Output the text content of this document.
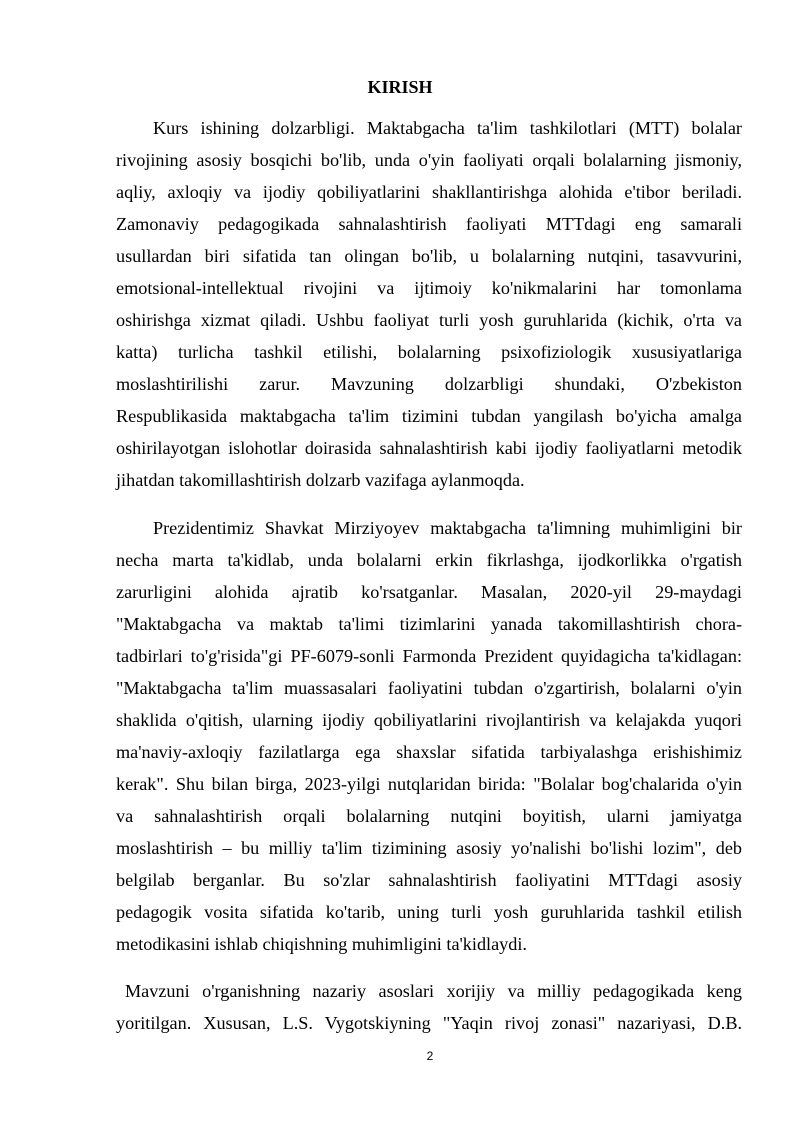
KIRISH

Kurs ishining dolzarbligi. Maktabgacha ta'lim tashkilotlari (MTT) bolalar

rivojining asosiy bosqichi bo'lib, unda o'yin faoliyati orqali bolalarning jismoniy,

aqliy, axloqiy va ijodiy qobiliyatlarini shakllantirishga alohida e'tibor beriladi.

Zamonaviy pedagogikada sahnalashtirish faoliyati MTTdagi eng samarali

usullardan biri sifatida tan olingan bo'lib, u bolalarning nutqini, tasavvurini,

emotsional-intellektual rivojini va ijtimoiy ko'nikmalarini har tomonlama

oshirishga xizmat qiladi. Ushbu faoliyat turli yosh guruhlarida (kichik, o'rta va

katta) turlicha tashkil etilishi, bolalarning psixofiziologik xususiyatlariga

moslashtirilishi zarur. Mavzuning dolzarbligi shundaki, O'zbekiston

Respublikasida maktabgacha ta'lim tizimini tubdan yangilash bo'yicha amalga

oshirilayotgan islohotlar doirasida sahnalashtirish kabi ijodiy faoliyatlarni metodik

jihatdan takomillashtirish dolzarb vazifaga aylanmoqda.

Prezidentimiz Shavkat Mirziyoyev maktabgacha ta'limning muhimligini bir

necha marta ta'kidlab, unda bolalarni erkin fikrlashga, ijodkorlikka o'rgatish

zarurligini alohida ajratib ko'rsatganlar. Masalan, 2020-yil 29-maydagi

"Maktabgacha va maktab ta'limi tizimlarini yanada takomillashtirish chora-

tadbirlari to'g'risida"gi PF-6079-sonli Farmonda Prezident quyidagicha ta'kidlagan:

"Maktabgacha ta'lim muassasalari faoliyatini tubdan o'zgartirish, bolalarni o'yin

shaklida o'qitish, ularning ijodiy qobiliyatlarini rivojlantirish va kelajakda yuqori

ma'naviy-axloqiy fazilatlarga ega shaxslar sifatida tarbiyalashga erishishimiz

kerak". Shu bilan birga, 2023-yilgi nutqlaridan birida: "Bolalar bog'chalarida o'yin

va sahnalashtirish orqali bolalarning nutqini boyitish, ularni jamiyatga

moslashtirish – bu milliy ta'lim tizimining asosiy yo'nalishi bo'lishi lozim", deb

belgilab berganlar. Bu so'zlar sahnalashtirish faoliyatini MTTdagi asosiy

pedagogik vosita sifatida ko'tarib, uning turli yosh guruhlarida tashkil etilish

metodikasini ishlab chiqishning muhimligini ta'kidlaydi.

Mavzuni o'rganishning nazariy asoslari xorijiy va milliy pedagogikada keng

yoritilgan. Xususan, L.S. Vygotskiyning "Yaqin rivoj zonasi" nazariyasi, D.B.

2
